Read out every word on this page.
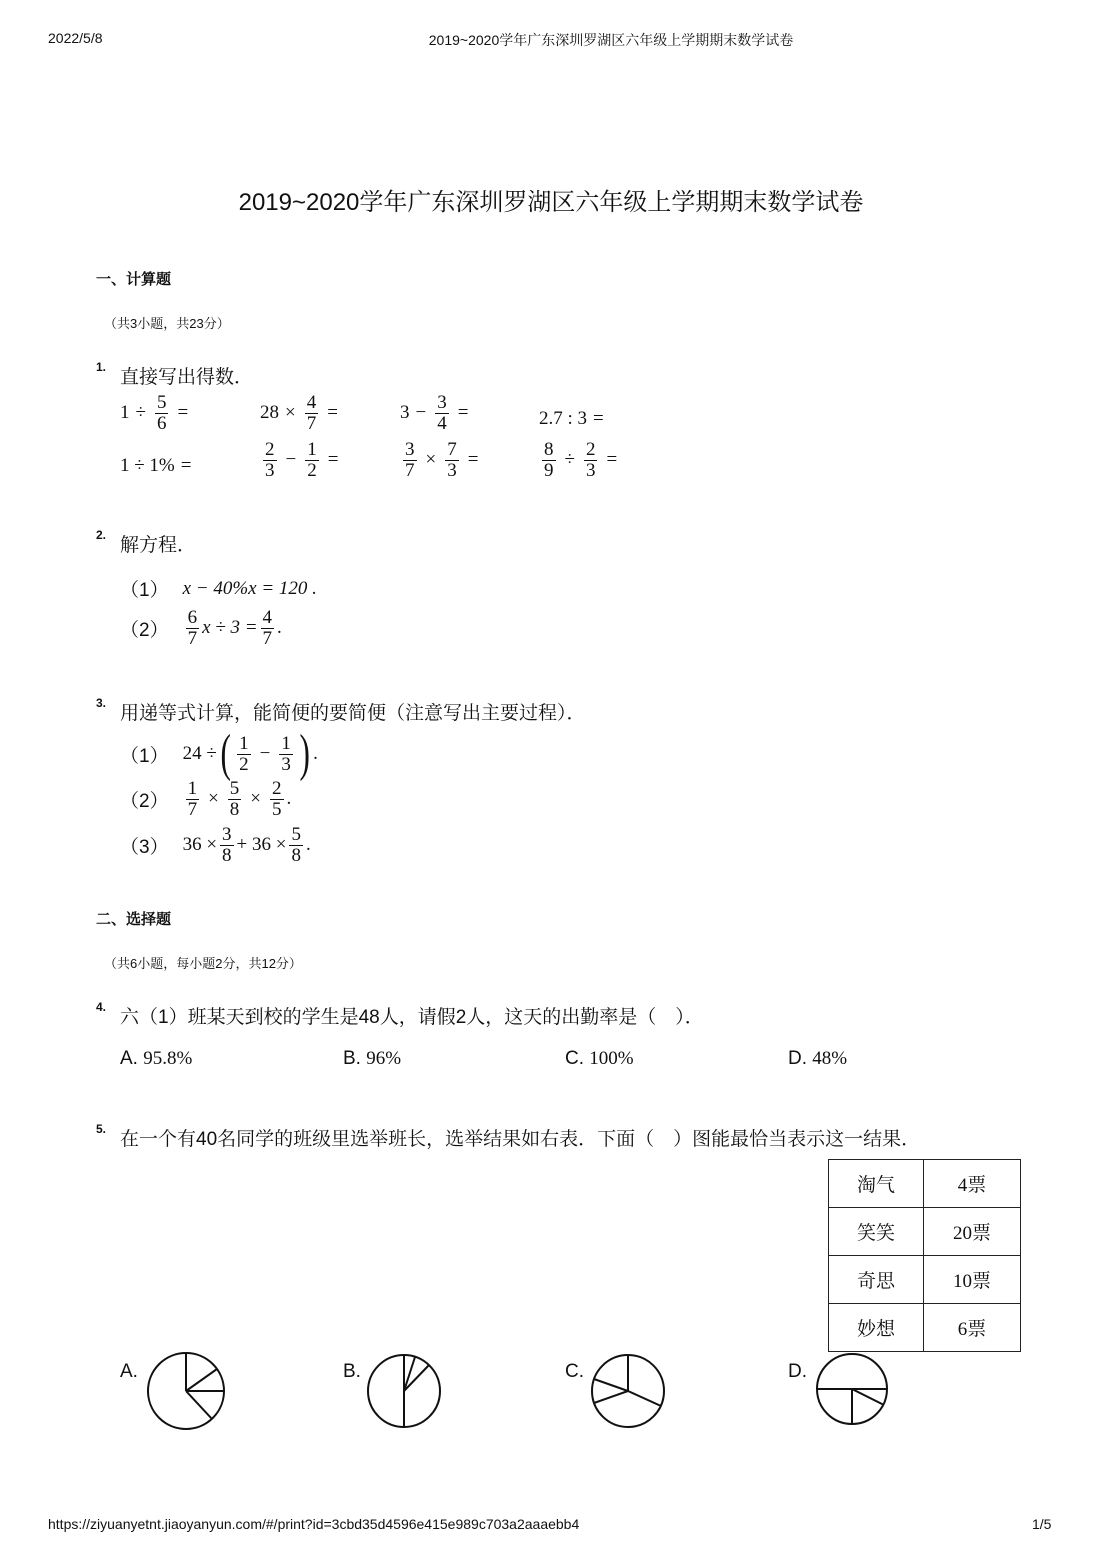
2022/5/8	2019~2020学年广东深圳罗湖区六年级上学期期末数学试卷
2019~2020学年广东深圳罗湖区六年级上学期期末数学试卷
一、计算题
（共3小题，共23分）
1. 直接写出得数．
$1 \div \frac{5}{6}$ =	$28 \times \frac{4}{7}$ =	$3 - \frac{3}{4}$ =	2.7 : 3 =
1 ÷ 1% =	$\frac{2}{3} - \frac{1}{2}$ =	$\frac{3}{7} \times \frac{7}{3}$ =	$\frac{8}{9} \div \frac{2}{3}$ =
2. 解方程．
（1） x − 40%x = 120 .
$(2) \frac{6}{7}$ $x \div 3 = \frac{4}{7}$ .
3. 用递等式计算，能简便的要简便（注意写出主要过程）．
（1） 24 ÷ ( $\frac{1}{2} - \frac{1}{3}$ ) .
$(2) \frac{1}{7} \times \frac{5}{8} \times \frac{2}{5}$ .
（3） $36 \times \frac{3}{8} + 36 \times \frac{5}{8}$ .
二、选择题
（共6小题，每小题2分，共12分）
4. 六（1）班某天到校的学生是48人，请假2人，这天的出勤率是（　）．
A. 95.8%	B. 96%	C. 100%	D. 48%
5. 在一个有40名同学的班级里选举班长，选举结果如右表．下面（　）图能最恰当表示这一结果．
淘气	4票
笑笑	20票
奇思	10票
妙想	6票
A.	B.	C.	D.
https://ziyuanyetnt.jiaoyanyun.com/#/print?id=3cbd35d4596e415e989c703a2aaaebb4	1/5
